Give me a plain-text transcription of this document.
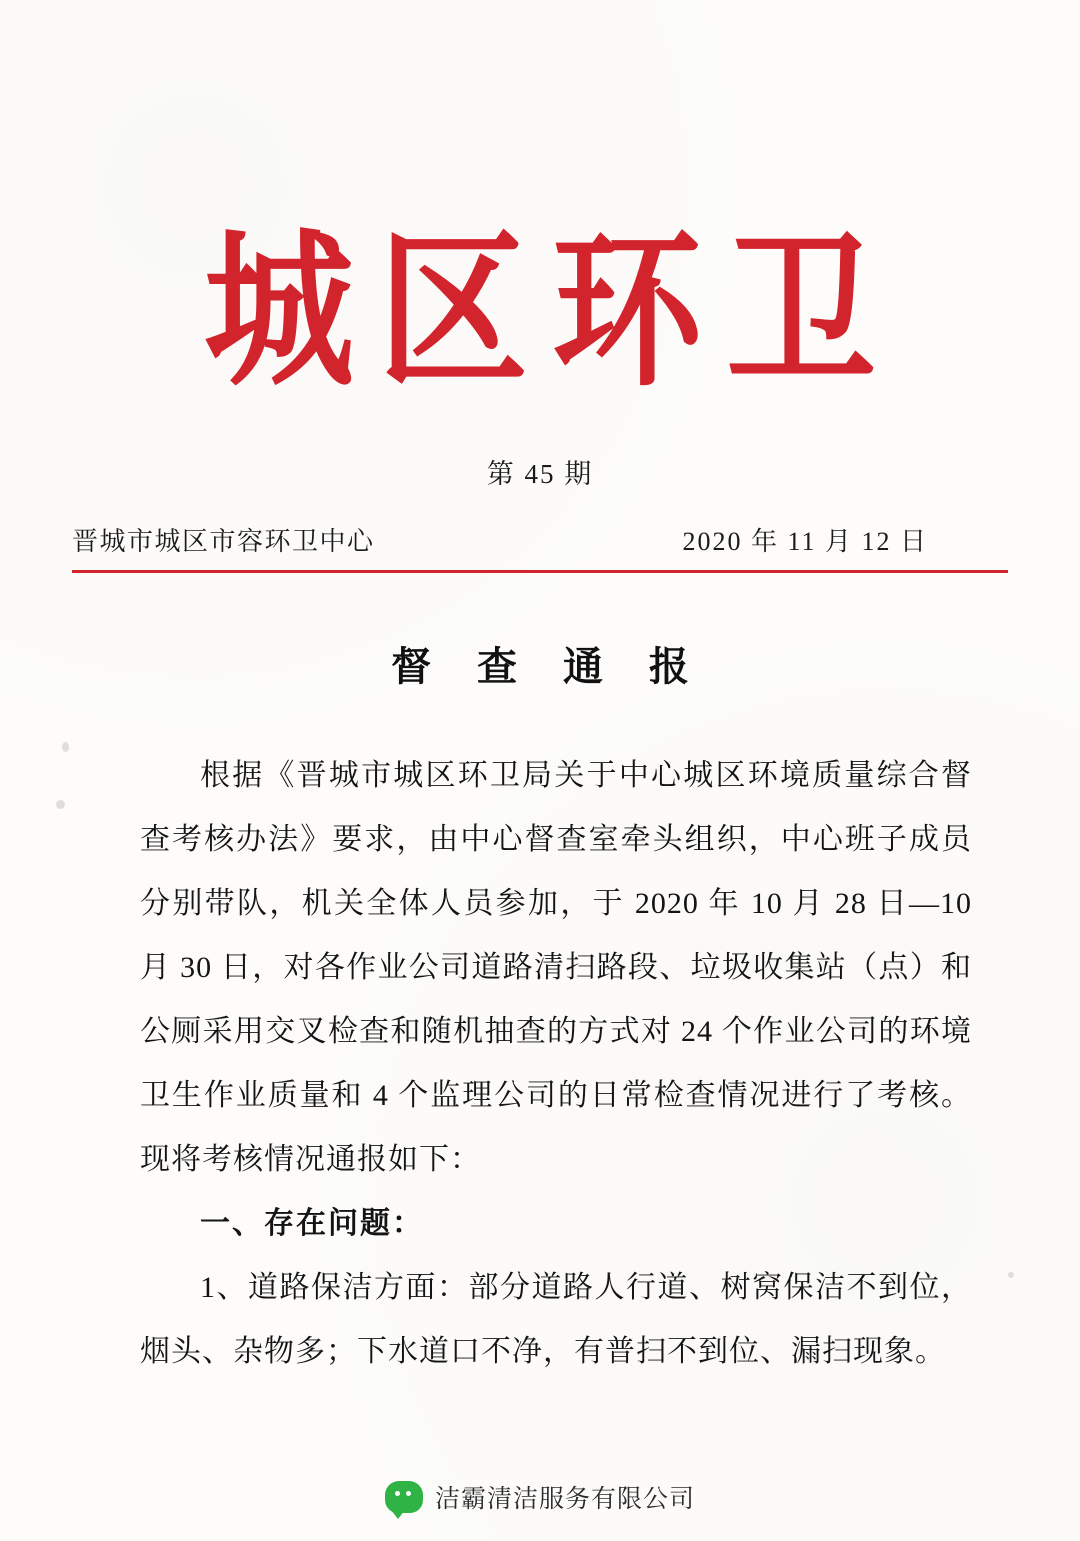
城区环卫
第 45 期
晋城市城区市容环卫中心	2020 年 11 月 12 日
督 查 通 报

根据《晋城市城区环卫局关于中心城区环境质量综合督查考核办法》要求，由中心督查室牵头组织，中心班子成员分别带队，机关全体人员参加，于 2020 年 10 月 28 日—10 月 30 日，对各作业公司道路清扫路段、垃圾收集站（点）和公厕采用交叉检查和随机抽查的方式对 24 个作业公司的环境卫生作业质量和 4 个监理公司的日常检查情况进行了考核。现将考核情况通报如下：

一、存在问题：

1、道路保洁方面：部分道路人行道、树窝保洁不到位，烟头、杂物多；下水道口不净，有普扫不到位、漏扫现象。

洁霸清洁服务有限公司
